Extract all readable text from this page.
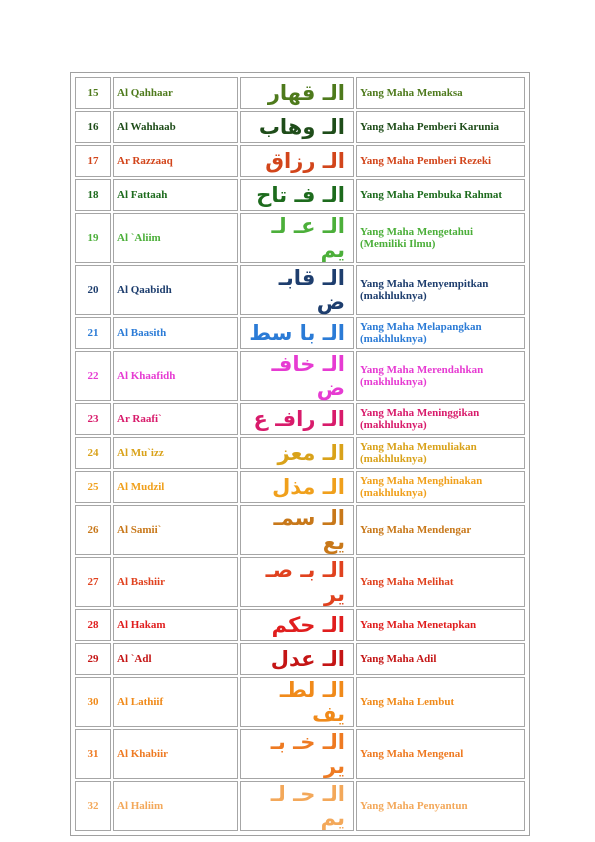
15	Al Qahhaar	الـ قهار	Yang Maha Memaksa
16	Al Wahhaab	الـ وهاب	Yang Maha Pemberi Karunia
17	Ar Razzaaq	الـ رزاق	Yang Maha Pemberi Rezeki
18	Al Fattaah	الـ فـ تاح	Yang Maha Pembuka Rahmat
19	Al `Aliim	الـ عـ لـ يم	Yang Maha Mengetahui (Memiliki Ilmu)
20	Al Qaabidh	الـ قابـ ض	Yang Maha Menyempitkan (makhluknya)
21	Al Baasith	الـ با سط	Yang Maha Melapangkan (makhluknya)
22	Al Khaafidh	الـ خافـ ض	Yang Maha Merendahkan (makhluknya)
23	Ar Raafi`	الـ رافـ ع	Yang Maha Meninggikan (makhluknya)
24	Al Mu`izz	الـ معز	Yang Maha Memuliakan (makhluknya)
25	Al Mudzil	الـ مذل	Yang Maha Menghinakan (makhluknya)
26	Al Samii`	الـ سمـ يع	Yang Maha Mendengar
27	Al Bashiir	الـ بـ صـ ير	Yang Maha Melihat
28	Al Hakam	الـ حكم	Yang Maha Menetapkan
29	Al `Adl	الـ عدل	Yang Maha Adil
30	Al Lathiif	الـ لطـ يف	Yang Maha Lembut
31	Al Khabiir	الـ خـ بـ ير	Yang Maha Mengenal
32	Al Haliim	الـ حـ لـ يم	Yang Maha Penyantun
